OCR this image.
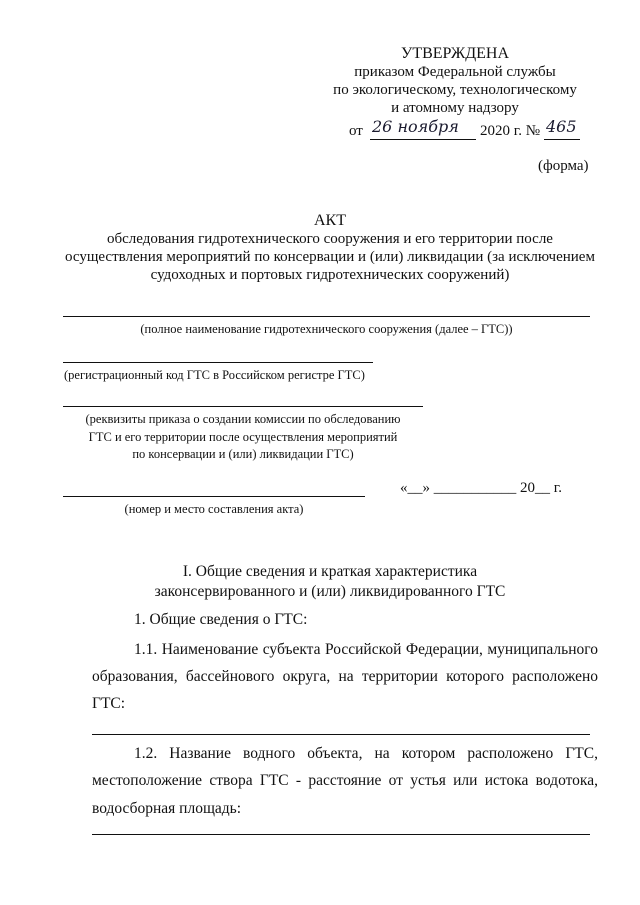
УТВЕРЖДЕНА
приказом Федеральной службы
по экологическому, технологическому
и атомному надзору
от 26 ноября 2020 г. № 465
(форма)
АКТ
обследования гидротехнического сооружения и его территории после
осуществления мероприятий по консервации и (или) ликвидации (за исключением
судоходных и портовых гидротехнических сооружений)
(полное наименование гидротехнического сооружения (далее – ГТС))
(регистрационный код ГТС в Российском регистре ГТС)
(реквизиты приказа о создании комиссии по обследованию
ГТС и его территории после осуществления мероприятий
по консервации и (или) ликвидации ГТС)
«__» ___________ 20__ г.
(номер и место составления акта)
I. Общие сведения и краткая характеристика
законсервированного и (или) ликвидированного ГТС
1. Общие сведения о ГТС:
1.1. Наименование субъекта Российской Федерации, муниципального
образования, бассейнового округа, на территории которого расположено
ГТС:
1.2. Название водного объекта, на котором расположено ГТС,
местоположение створа ГТС - расстояние от устья или истока водотока,
водосборная площадь:
